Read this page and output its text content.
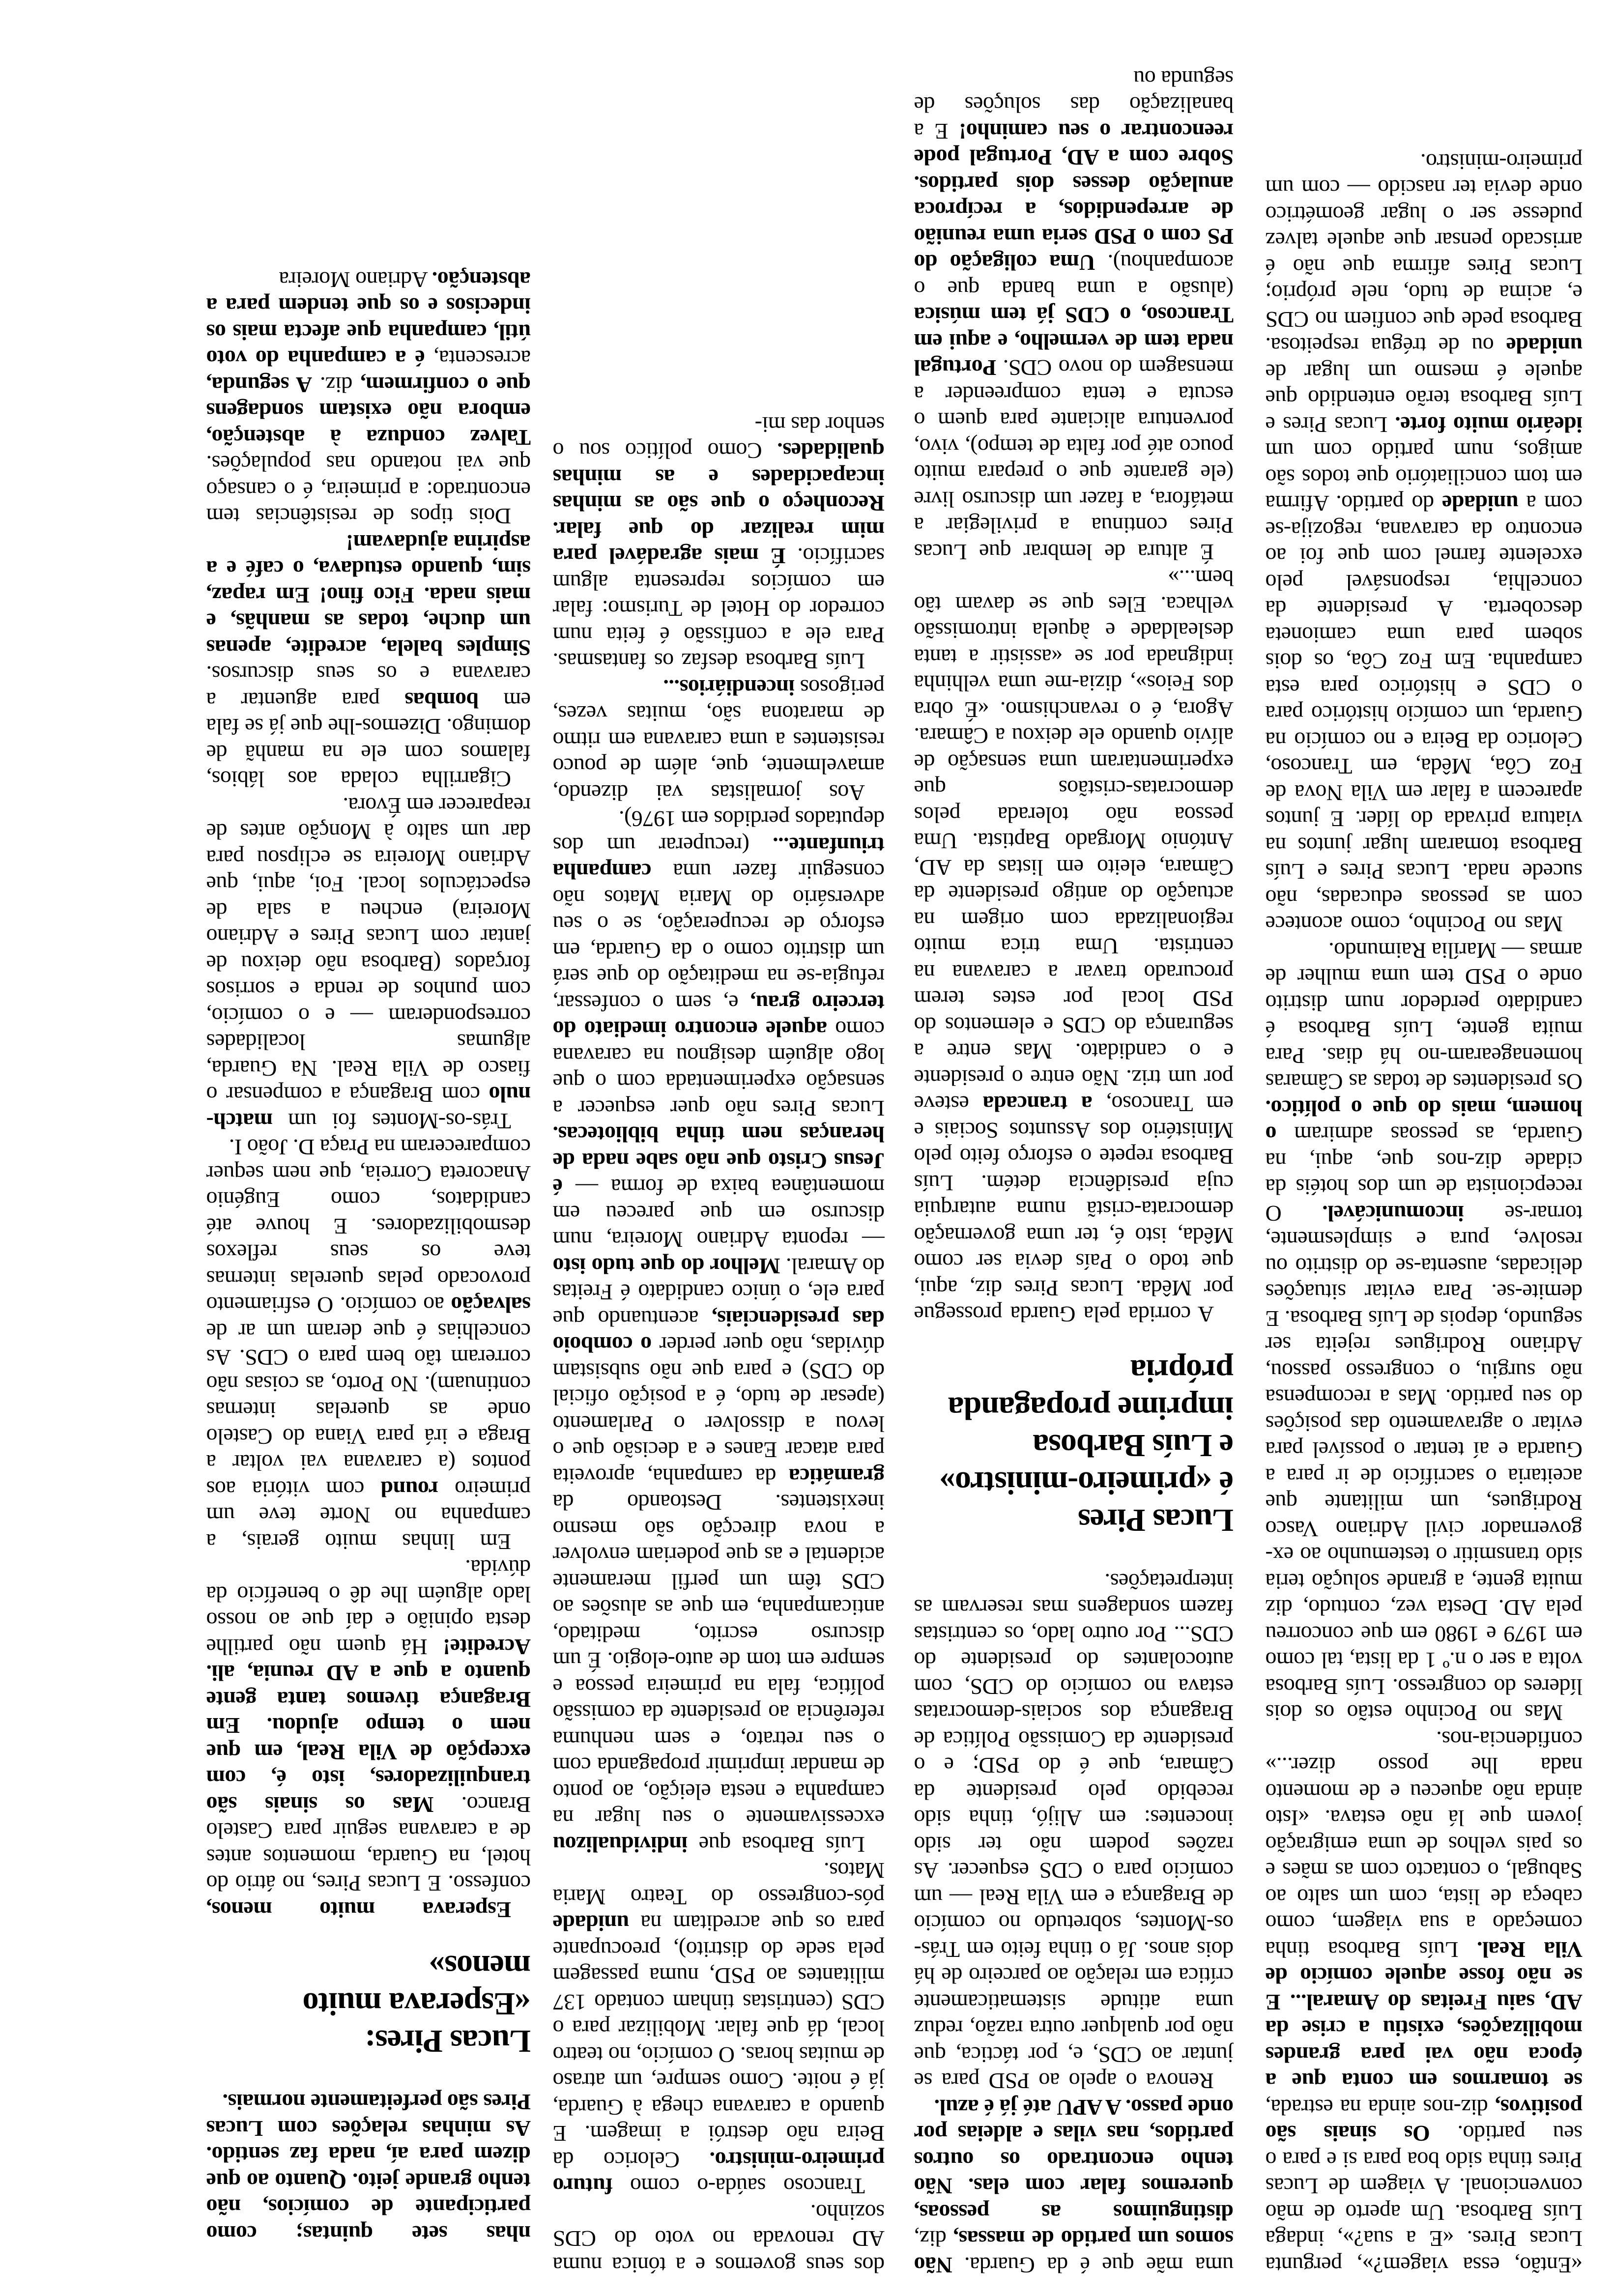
«Então, essa viagem?», pergunta Lucas Pires. «E a sua?», indaga Luís Barbosa. Um aperto de mão convencional. A viagem de Lucas Pires tinha sido boa para si e para o seu partido. Os sinais são positivos, diz-nos ainda na estrada, se tomarmos em conta que a época não vai para grandes mobilizações, existiu a crise da AD, saiu Freitas do Amaral... E se não fosse aquele comício de Vila Real. Luís Barbosa tinha começado a sua viagem, como cabeça de lista, com um salto ao Sabugal, o contacto com as mães e os pais velhos de uma emigração jovem que lá não estava. «Isto ainda não aqueceu e de momento nada lhe posso dizer...» confidencia-nos.

Mas no Pocinho estão os dois líderes do congresso. Luís Barbosa volta a ser o n.º 1 da lista, tal como em 1979 e 1980 em que concorreu pela AD. Desta vez, contudo, diz muita gente, a grande solução teria sido transmitir o testemunho ao ex-governador civil Adriano Vasco Rodrigues, um militante que aceitaria o sacrifício de ir para a Guarda e aí tentar o possível para evitar o agravamento das posições do seu partido. Mas a recompensa não surgiu, o congresso passou, Adriano Rodrigues rejeita ser segundo, depois de Luís Barbosa. E demite-se. Para evitar situações delicadas, ausenta-se do distrito ou resolve, pura e simplesmente, tornar-se incomunicável. O recepcionista de um dos hotéis da cidade diz-nos que, aqui, na Guarda, as pessoas admiram o homem, mais do que o político. Os presidentes de todas as Câmaras homenagearam-no há dias. Para muita gente, Luís Barbosa é candidato perdedor num distrito onde o PSD tem uma mulher de armas — Marília Raimundo.

Mas no Pocinho, como acontece com as pessoas educadas, não sucede nada. Lucas Pires e Luís Barbosa tomaram lugar juntos na viatura privada do líder. E juntos aparecem a falar em Vila Nova de Foz Côa, Mêda, em Trancoso, Celorico da Beira e no comício na Guarda, um comício histórico para o CDS e histórico para esta campanha. Em Foz Côa, os dois sobem para uma camioneta descoberta. A presidente da concelhia, responsável pelo excelente farnel com que foi ao encontro da caravana, regozija-se com a unidade do partido. Afirma em tom conciliatório que todos são amigos, num partido com um ideário muito forte. Lucas Pires e Luís Barbosa terão entendido que aquele é mesmo um lugar de unidade ou de trégua respeitosa. Barbosa pede que confiem no CDS e, acima de tudo, nele próprio; Lucas Pires afirma que não é arriscado pensar que aquele talvez pudesse ser o lugar geométrico onde devia ter nascido — com um primeiro-ministro.

uma mãe que é da Guarda. Não somos um partido de massas, diz, distinguimos as pessoas, queremos falar com elas. Não tenho encontrado os outros partidos, nas vilas e aldeias por onde passo. A APU até já é azul.

Renova o apelo ao PSD para se juntar ao CDS, e, por táctica, que não por qualquer outra razão, reduz uma atitude sistematicamente crítica em relação ao parceiro de há dois anos. Já o tinha feito em Trás-os-Montes, sobretudo no comício de Bragança e em Vila Real — um comício para o CDS esquecer. As razões podem não ter sido inocentes: em Alijó, tinha sido recebido pelo presidente da Câmara, que é do PSD; e o presidente da Comissão Política de Bragança dos sociais-democratas estava no comício do CDS, com autocolantes do presidente do CDS... Por outro lado, os centristas fazem sondagens mas reservam as interpretações.

Lucas Pires
é «primeiro-ministro»
e Luís Barbosa
imprime propaganda
própria

A corrida pela Guarda prossegue por Mêda. Lucas Pires diz, aqui, que todo o País devia ser como Mêda, isto é, ter uma governação democrata-cristã numa autarquia cuja presidência detém. Luís Barbosa repete o esforço feito pelo Ministério dos Assuntos Sociais e em Trancoso, a trancada esteve por um triz. Não entre o presidente e o candidato. Mas entre a segurança do CDS e elementos do PSD local por estes terem procurado travar a caravana na centrista. Uma trica muito regionalizada com origem na actuação do antigo presidente da Câmara, eleito em listas da AD, António Morgado Baptista. Uma pessoa não tolerada pelos democratas-cristãos que experimentaram uma sensação de alívio quando ele deixou a Câmara. Agora, é o revanchismo. «É obra dos Feios», dizia-me uma velhinha indignada por se «assistir a tanta deslealdade e àquela intromissão velhaca. Eles que se davam tão bem...»

É altura de lembrar que Lucas Pires continua a privilegiar a metáfora, a fazer um discurso livre (ele garante que o prepara muito pouco até por falta de tempo), vivo, porventura aliciante para quem o escuta e tenta compreender a mensagem do novo CDS. Portugal nada tem de vermelho, e aqui em Trancoso, o CDS já tem música (alusão a uma banda que o acompanhou). Uma coligação do PS com o PSD seria uma reunião de arrependidos, a recíproca anulação desses dois partidos. Sobre com a AD, Portugal pode reencontrar o seu caminho! E a banalização das soluções de segunda ou

dos seus governos e a tónica numa AD renovada no voto do CDS sozinho.

Trancoso saúda-o como futuro primeiro-ministro. Celorico da Beira não destrói a imagem. E quando a caravana chega à Guarda, já é noite. Como sempre, um atraso de muitas horas. O comício, no teatro local, dá que falar. Mobilizar para o CDS (centristas tinham contado 137 militantes ao PSD, numa passagem pela sede do distrito), preocupante para os que acreditam na unidade pós-congresso do Teatro Maria Matos.

Luís Barbosa que individualizou excessivamente o seu lugar na campanha e nesta eleição, ao ponto de mandar imprimir propaganda com o seu retrato, e sem nenhuma referência ao presidente da comissão política, fala na primeira pessoa e sempre em tom de auto-elogio. É um discurso escrito, meditado, anticampanha, em que as alusões ao CDS têm um perfil meramente acidental e as que poderiam envolver a nova direcção são mesmo inexistentes. Destoando da gramática da campanha, aproveita para atacar Eanes e a decisão que o levou a dissolver o Parlamento (apesar de tudo, é a posição oficial do CDS) e para que não subsistam dúvidas, não quer perder o comboio das presidenciais, acentuando que para ele, o único candidato é Freitas do Amaral. Melhor do que tudo isto — reponta Adriano Moreira, num discurso em que pareceu em momentânea baixa de forma — é Jesus Cristo que não sabe nada de heranças nem tinha bibliotecas. Lucas Pires não quer esquecer a sensação experimentada com o que logo alguém designou na caravana como aquele encontro imediato do terceiro grau, e, sem o confessar, refugia-se na meditação do que será um distrito como o da Guarda, em esforço de recuperação, se o seu adversário do Maria Matos não conseguir fazer uma campanha triunfante... (recuperar um dos deputados perdidos em 1976).

Aos jornalistas vai dizendo, amavelmente, que, além de pouco resistentes a uma caravana em ritmo de maratona são, muitas vezes, perigosos incendiários...

Luís Barbosa desfaz os fantasmas. Para ele a confissão é feita num corredor do Hotel de Turismo: falar em comícios representa algum sacrifício. É mais agradável para mim realizar do que falar. Reconheço o que são as minhas incapacidades e as minhas qualidades. Como político sou o senhor das mi-

nhas sete quintas; como participante de comícios, não tenho grande jeito. Quanto ao que dizem para aí, nada faz sentido. As minhas relações com Lucas Pires são perfeitamente normais.

Lucas Pires:
«Esperava muito menos»

Esperava muito menos, confesso. E Lucas Pires, no átrio do hotel, na Guarda, momentos antes de a caravana seguir para Castelo Branco. Mas os sinais são tranquilizadores, isto é, com excepção de Vila Real, em que nem o tempo ajudou. Em Bragança tivemos tanta gente quanto a que a AD reunia, ali. Acredite! Há quem não partilhe desta opinião e daí que ao nosso lado alguém lhe dê o benefício da dúvida.

Em linhas muito gerais, a campanha no Norte teve um primeiro round com vitória aos pontos (a caravana vai voltar a Braga e irá para Viana do Castelo onde as querelas internas continuam). No Porto, as coisas não correram tão bem para o CDS. As concelhias é que deram um ar de salvação ao comício. O esfriamento provocado pelas querelas internas teve os seus reflexos desmobilizadores. E houve até candidatos, como Eugénio Anacoreta Correia, que nem sequer compareceram na Praça D. João I.

Trás-os-Montes foi um match-nulo com Bragança a compensar o fiasco de Vila Real. Na Guarda, algumas localidades corresponderam — e o comício, com punhos de renda e sorrisos forçados (Barbosa não deixou de jantar com Lucas Pires e Adriano Moreira) encheu a sala de espectáculos local. Foi, aqui, que Adriano Moreira se eclipsou para dar um salto à Monção antes de reaparecer em Évora.

Cigarrilha colada aos lábios, falamos com ele na manhã de domingo. Dizemos-lhe que já se fala em bombas para aguentar a caravana e os seus discursos. Simples balela, acredite, apenas um duche, todas as manhãs, e mais nada. Fico fino! Em rapaz, sim, quando estudava, o café e a aspirina ajudavam!

Dois tipos de resistências tem encontrado: a primeira, é o cansaço que vai notando nas populações. Talvez conduza à abstenção, embora não existam sondagens que o confirmem, diz. A segunda, acrescenta, é a campanha do voto útil, campanha que afecta mais os indecisos e os que tendem para a abstenção. Adriano Moreira
